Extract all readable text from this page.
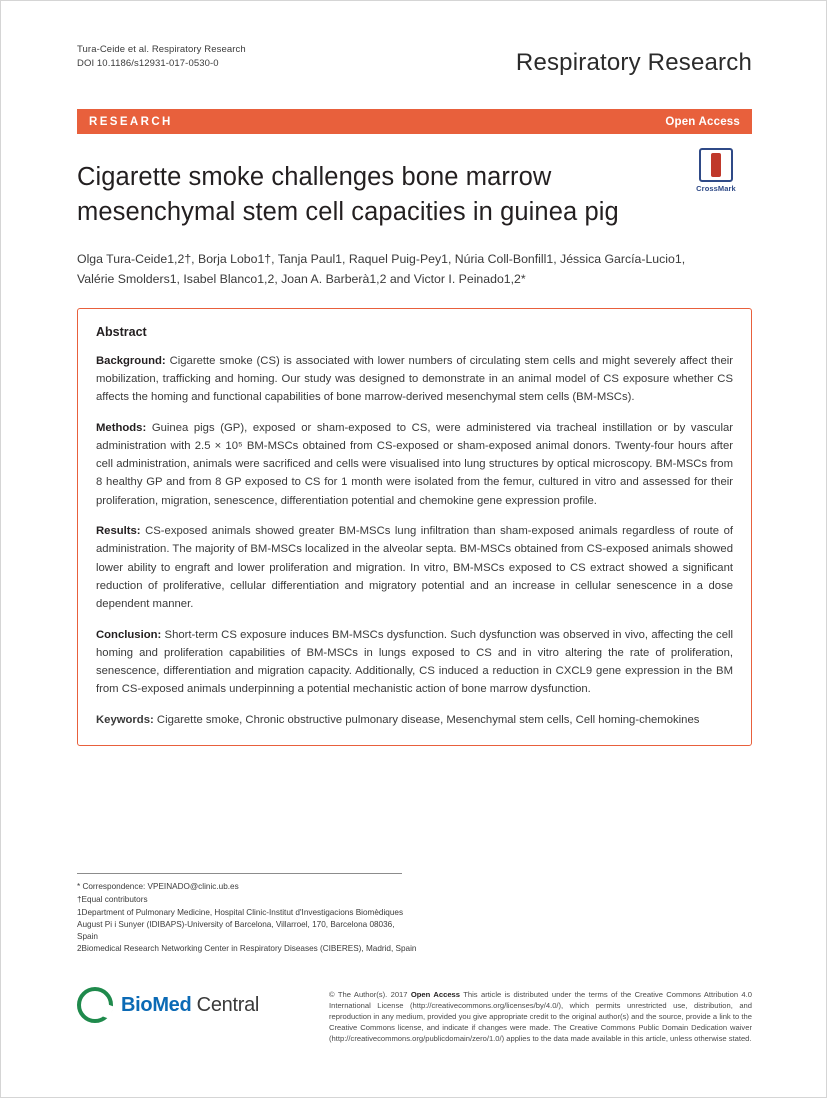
Tura-Ceide et al. Respiratory Research
DOI 10.1186/s12931-017-0530-0	Respiratory Research
RESEARCH	Open Access
Cigarette smoke challenges bone marrow mesenchymal stem cell capacities in guinea pig
CrossMark
Olga Tura-Ceide1,2†, Borja Lobo1†, Tanja Paul1, Raquel Puig-Pey1, Núria Coll-Bonfill1, Jéssica García-Lucio1, Valérie Smolders1, Isabel Blanco1,2, Joan A. Barberà1,2 and Victor I. Peinado1,2*
Abstract

Background: Cigarette smoke (CS) is associated with lower numbers of circulating stem cells and might severely affect their mobilization, trafficking and homing. Our study was designed to demonstrate in an animal model of CS exposure whether CS affects the homing and functional capabilities of bone marrow-derived mesenchymal stem cells (BM-MSCs).

Methods: Guinea pigs (GP), exposed or sham-exposed to CS, were administered via tracheal instillation or by vascular administration with 2.5 × 10⁵ BM-MSCs obtained from CS-exposed or sham-exposed animal donors. Twenty-four hours after cell administration, animals were sacrificed and cells were visualised into lung structures by optical microscopy. BM-MSCs from 8 healthy GP and from 8 GP exposed to CS for 1 month were isolated from the femur, cultured in vitro and assessed for their proliferation, migration, senescence, differentiation potential and chemokine gene expression profile.

Results: CS-exposed animals showed greater BM-MSCs lung infiltration than sham-exposed animals regardless of route of administration. The majority of BM-MSCs localized in the alveolar septa. BM-MSCs obtained from CS-exposed animals showed lower ability to engraft and lower proliferation and migration. In vitro, BM-MSCs exposed to CS extract showed a significant reduction of proliferative, cellular differentiation and migratory potential and an increase in cellular senescence in a dose dependent manner.

Conclusion: Short-term CS exposure induces BM-MSCs dysfunction. Such dysfunction was observed in vivo, affecting the cell homing and proliferation capabilities of BM-MSCs in lungs exposed to CS and in vitro altering the rate of proliferation, senescence, differentiation and migration capacity. Additionally, CS induced a reduction in CXCL9 gene expression in the BM from CS-exposed animals underpinning a potential mechanistic action of bone marrow dysfunction.

Keywords: Cigarette smoke, Chronic obstructive pulmonary disease, Mesenchymal stem cells, Cell homing-chemokines

* Correspondence: VPEINADO@clinic.ub.es

†Equal contributors

1Department of Pulmonary Medicine, Hospital Clinic-Institut d'Investigacions Biomèdiques August Pi i Sunyer (IDIBAPS)-University of Barcelona, Villarroel, 170, Barcelona 08036, Spain

2Biomedical Research Networking Center in Respiratory Diseases (CIBERES), Madrid, Spain

BioMed Central	© The Author(s). 2017 Open Access This article is distributed under the terms of the Creative Commons Attribution 4.0 International License (http://creativecommons.org/licenses/by/4.0/), which permits unrestricted use, distribution, and reproduction in any medium, provided you give appropriate credit to the original author(s) and the source, provide a link to the Creative Commons license, and indicate if changes were made. The Creative Commons Public Domain Dedication waiver (http://creativecommons.org/publicdomain/zero/1.0/) applies to the data made available in this article, unless otherwise stated.
